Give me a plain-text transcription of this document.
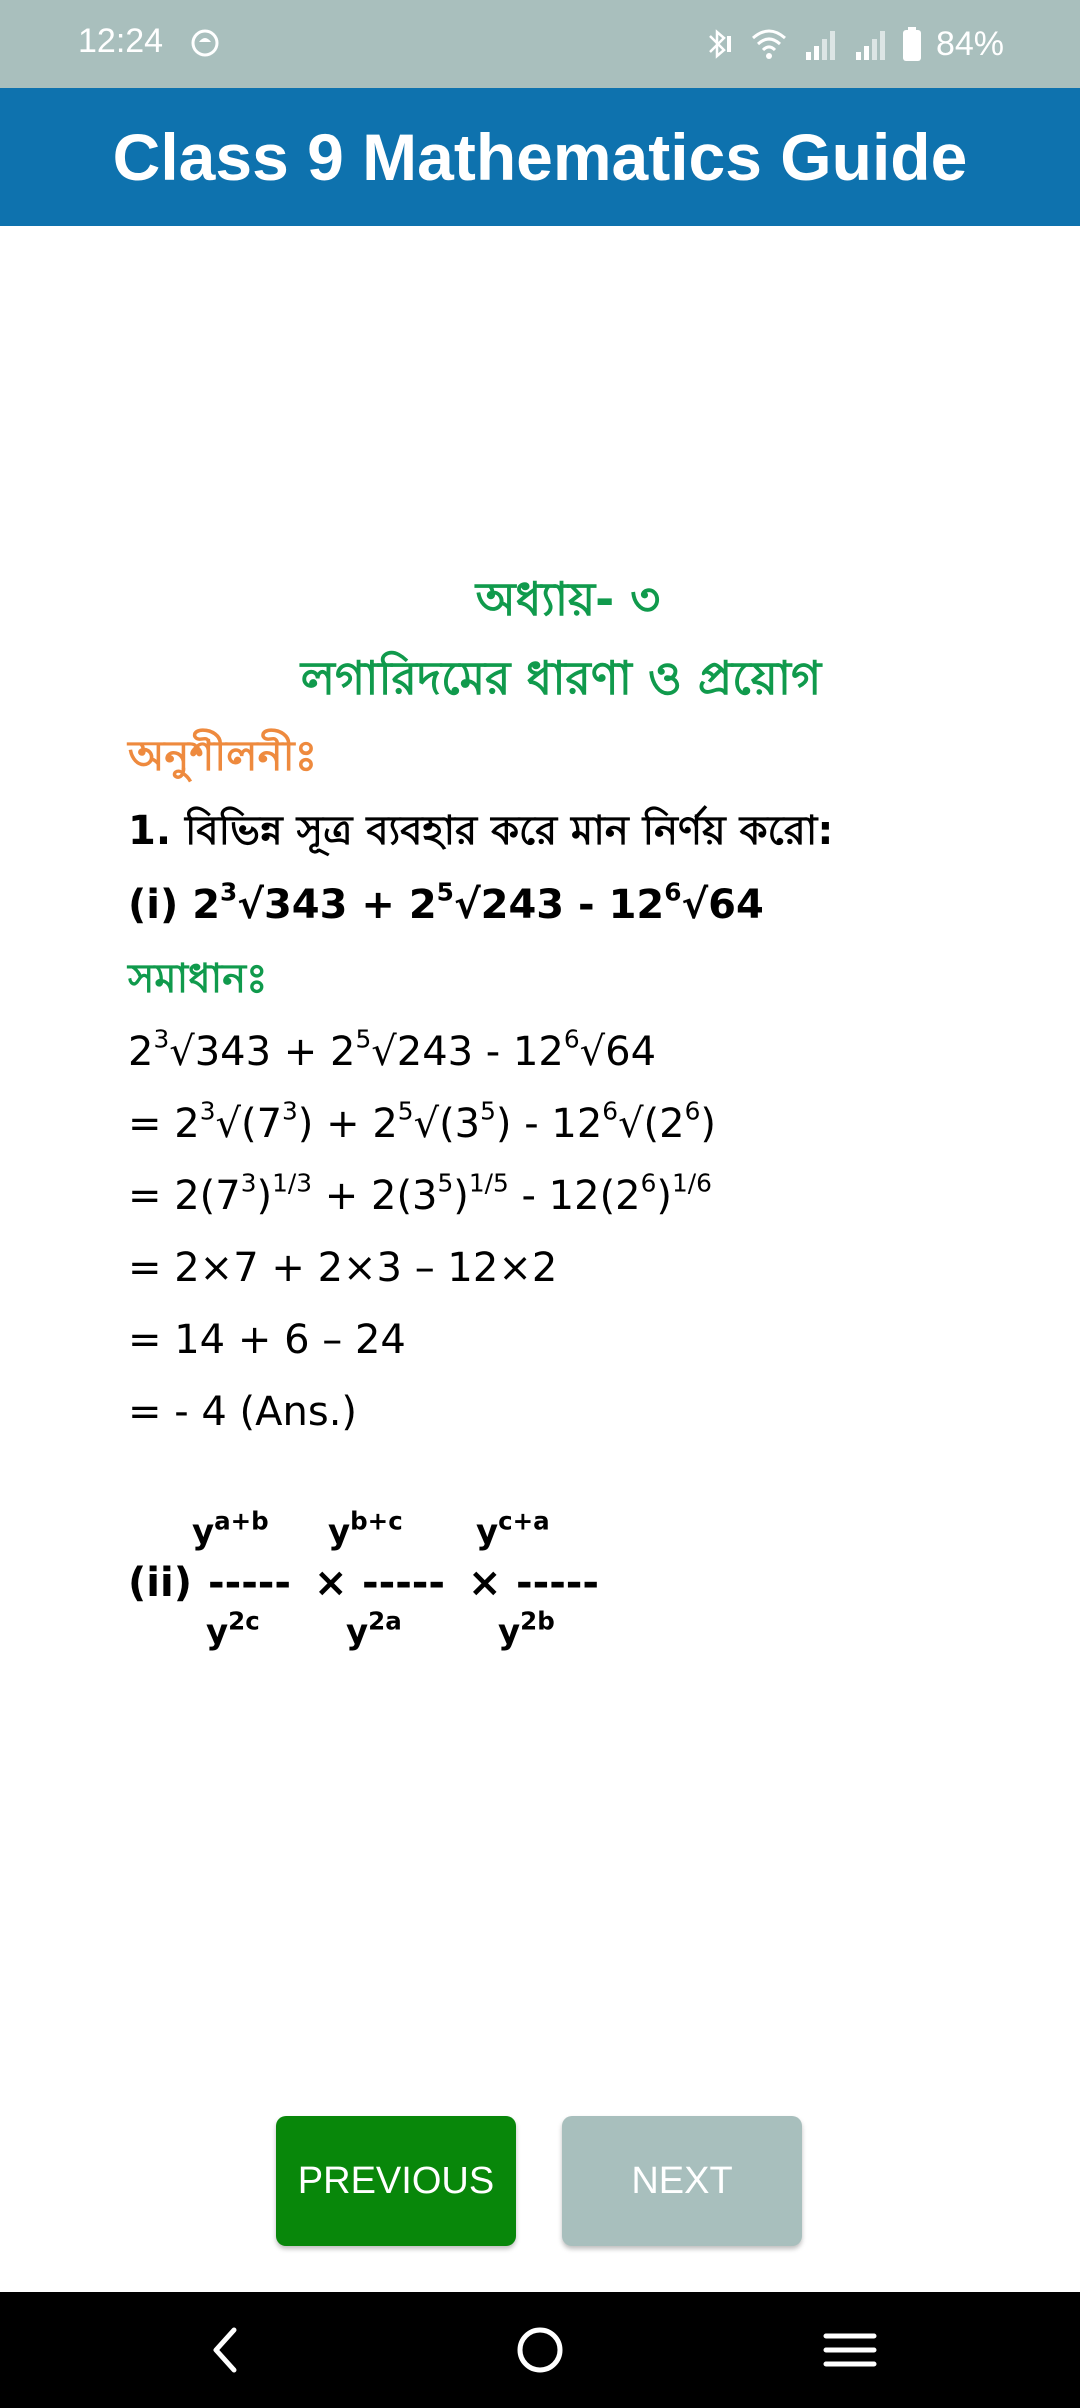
12:24	84%
Class 9 Mathematics Guide
অধ্যায়- ৩
লগারিদমের ধারণা ও প্রয়োগ
অনুশীলনীঃ
1. বিভিন্ন সূত্র ব্যবহার করে মান নির্ণয় করো:
(i) $2^3√343 + 2^5√243 - 12^6√64$
সমাধানঃ
$2^3√343 + 2^5√243 - 12^6√64$
= $2^3√(7^3) + 2^5√(3^5) - 12^6√(2^6)$
= $2(7^3)^{1/3} + 2(3^5)^{1/5} - 12(2^6)^{1/6}$
= 2×7 + 2×3 – 12×2
= 14 + 6 – 24
= - 4 (Ans.)
$y^{a+b}$ $y^{b+c}$ $y^{c+a}$
(ii) ----- × ----- × -----
$y^{2c}$	$y^{2a}$	$y^{2b}$
PREVIOUS	NEXT
